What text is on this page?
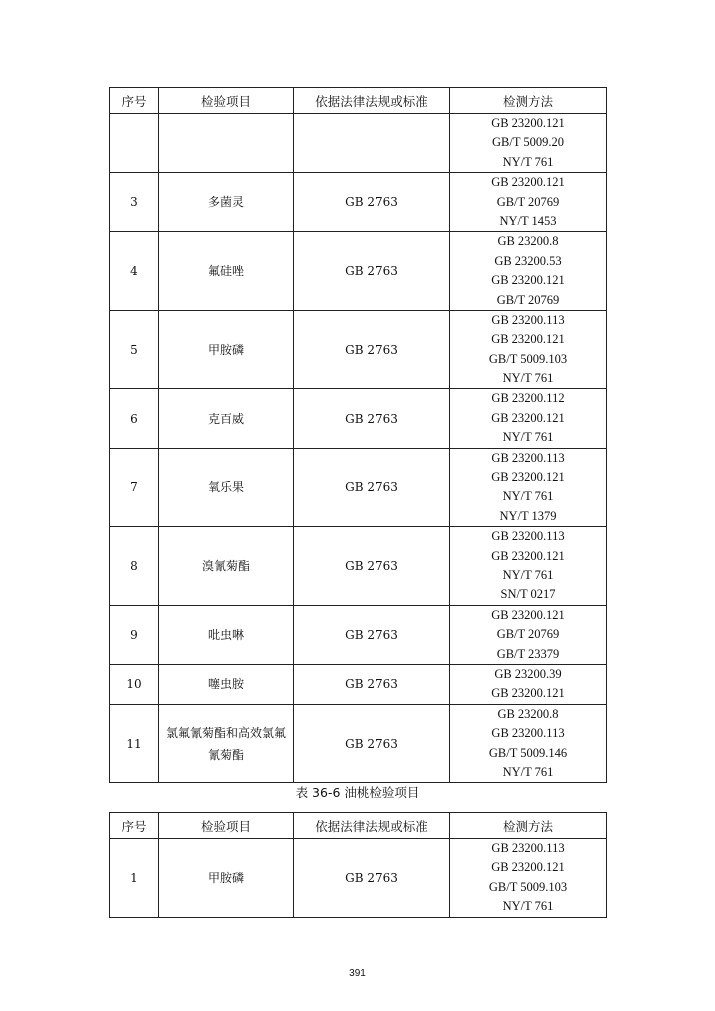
序号	检验项目	依据法律法规或标准	检测方法

			GB 23200.121
GB/T 5009.20
NY/T 761

3	多菌灵	GB 2763	GB 23200.121
GB/T 20769
NY/T 1453

4	氟硅唑	GB 2763	GB 23200.8
GB 23200.53
GB 23200.121
GB/T 20769

5	甲胺磷	GB 2763	GB 23200.113
GB 23200.121
GB/T 5009.103
NY/T 761

6	克百威	GB 2763	GB 23200.112
GB 23200.121
NY/T 761

7	氧乐果	GB 2763	GB 23200.113
GB 23200.121
NY/T 761
NY/T 1379

8	溴氰菊酯	GB 2763	GB 23200.113
GB 23200.121
NY/T 761
SN/T 0217

9	吡虫啉	GB 2763	GB 23200.121
GB/T 20769
GB/T 23379

10	噻虫胺	GB 2763	GB 23200.39
GB 23200.121

11	氯氟氰菊酯和高效氯氟氰菊酯	GB 2763	GB 23200.8
GB 23200.113
GB/T 5009.146
NY/T 761
表 36-6 油桃检验项目
序号	检验项目	依据法律法规或标准	检测方法
1	甲胺磷	GB 2763	GB 23200.113
GB 23200.121
GB/T 5009.103
NY/T 761
391
